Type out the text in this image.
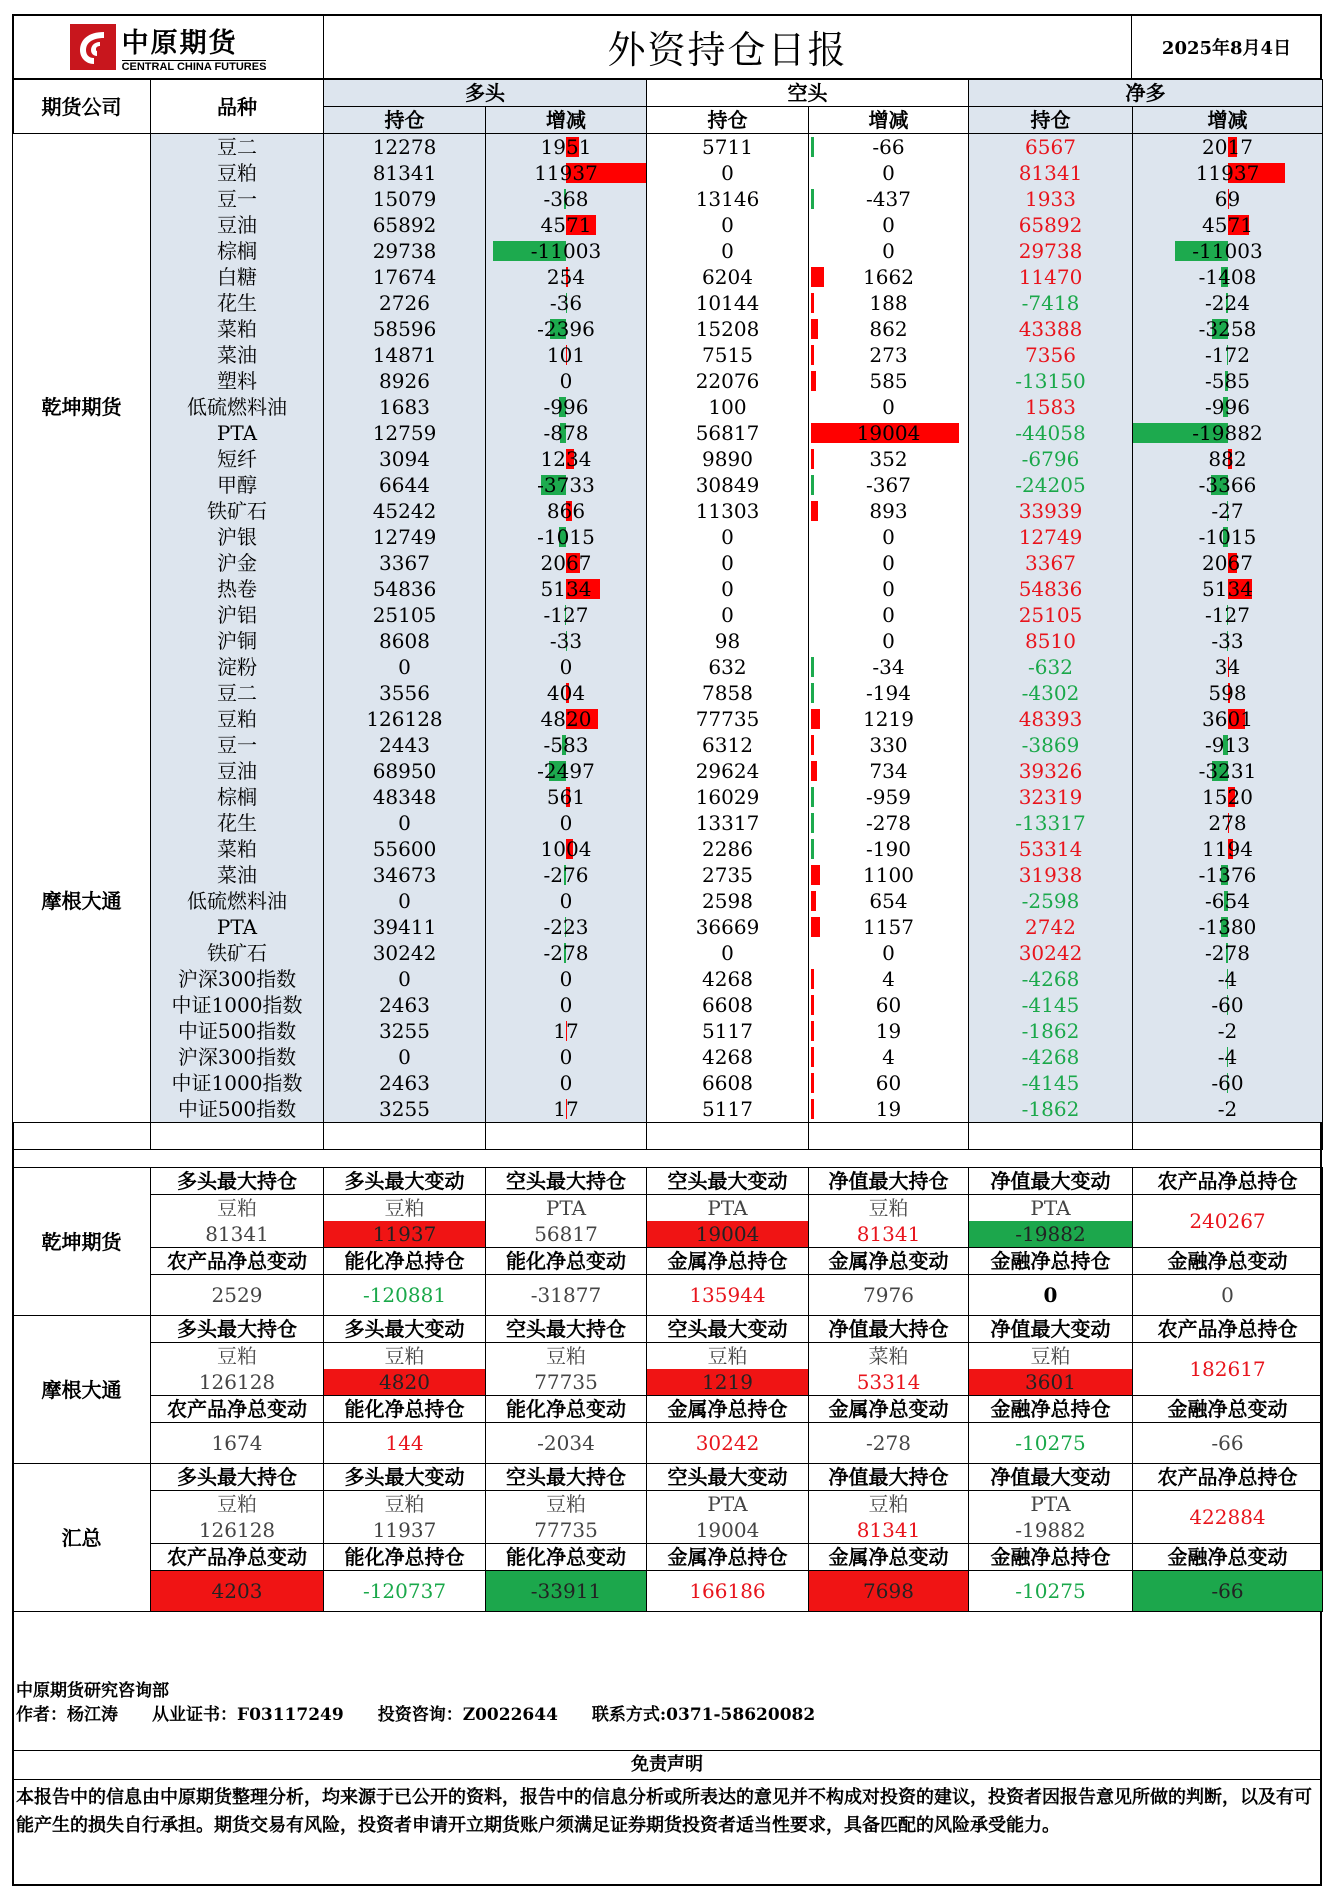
中原期货
CENTRAL CHINA FUTURES	外资持仓日报	2025年8月4日
期货公司	品种	多头		空头		净多	
		持仓	增减	持仓	增减	持仓	增减
乾坤期货	豆二	12278	1951	5711	-66	6567	2017
	豆粕	81341	11937	0	0	81341	11937
	豆一	15079	-368	13146	-437	1933	69
	豆油	65892	4571	0	0	65892	4571
	棕榈	29738	-11003	0	0	29738	-11003
	白糖	17674	254	6204	1662	11470	-1408
	花生	2726	-36	10144	188	-7418	-224
	菜粕	58596	-2396	15208	862	43388	-3258
	菜油	14871	101	7515	273	7356	-172
	塑料	8926	0	22076	585	-13150	-585
	低硫燃料油	1683	-996	100	0	1583	-996
	PTA	12759	-878	56817	19004	-44058	-19882
	短纤	3094	1234	9890	352	-6796	882
	甲醇	6644	-3733	30849	-367	-24205	-3366
	铁矿石	45242	866	11303	893	33939	-27
	沪银	12749	-1015	0	0	12749	-1015
	沪金	3367	2067	0	0	3367	2067
	热卷	54836	5134	0	0	54836	5134
	沪铝	25105	-127	0	0	25105	-127
	沪铜	8608	-33	98	0	8510	-33
	淀粉	0	0	632	-34	-632	34
摩根大通	豆二	3556	404	7858	-194	-4302	598
	豆粕	126128	4820	77735	1219	48393	3601
	豆一	2443	-583	6312	330	-3869	-913
	豆油	68950	-2497	29624	734	39326	-3231
	棕榈	48348	561	16029	-959	32319	1520
	花生	0	0	13317	-278	-13317	278
	菜粕	55600	1004	2286	-190	53314	1194
	菜油	34673	-276	2735	1100	31938	-1376
	低硫燃料油	0	0	2598	654	-2598	-654
	PTA	39411	-223	36669	1157	2742	-1380
	铁矿石	30242	-278	0	0	30242	-278
	沪深300指数	0	0	4268	4	-4268	-4
	中证1000指数	2463	0	6608	60	-4145	-60
	中证500指数	3255	17	5117	19	-1862	-2
	沪深300指数	0	0	4268	4	-4268	-4
	中证1000指数	2463	0	6608	60	-4145	-60
	中证500指数	3255	17	5117	19	-1862	-2

乾坤期货	多头最大持仓	多头最大变动	空头最大持仓	空头最大变动	净值最大持仓	净值最大变动	农产品净总持仓
	豆粕	豆粕	PTA	PTA	豆粕	PTA	240267
	81341	11937	56817	19004	81341	-19882	
	农产品净总变动	能化净总持仓	能化净总变动	金属净总持仓	金属净总变动	金融净总持仓	金融净总变动
	2529	-120881	-31877	135944	7976	0	0

摩根大通	多头最大持仓	多头最大变动	空头最大持仓	空头最大变动	净值最大持仓	净值最大变动	农产品净总持仓
	豆粕	豆粕	豆粕	豆粕	菜粕	豆粕	182617
	126128	4820	77735	1219	53314	3601	
	农产品净总变动	能化净总持仓	能化净总变动	金属净总持仓	金属净总变动	金融净总持仓	金融净总变动
	1674	144	-2034	30242	-278	-10275	-66

汇总	多头最大持仓	多头最大变动	空头最大持仓	空头最大变动	净值最大持仓	净值最大变动	农产品净总持仓
	豆粕	豆粕	豆粕	PTA	豆粕	PTA	422884
	126128	11937	77735	19004	81341	-19882	
	农产品净总变动	能化净总持仓	能化净总变动	金属净总持仓	金属净总变动	金融净总持仓	金融净总变动
	4203	-120737	-33911	166186	7698	-10275	-66

中原期货研究咨询部
作者：杨江涛　　从业证书：F03117249　　投资咨询：Z0022644　　联系方式:0371-58620082
免责声明
本报告中的信息由中原期货整理分析，均来源于已公开的资料，报告中的信息分析或所表达的意见并不构成对投资的建议，投资者因报告意见所做的判断，以及有可能产生的损失自行承担。期货交易有风险，投资者申请开立期货账户须满足证券期货投资者适当性要求，具备匹配的风险承受能力。
